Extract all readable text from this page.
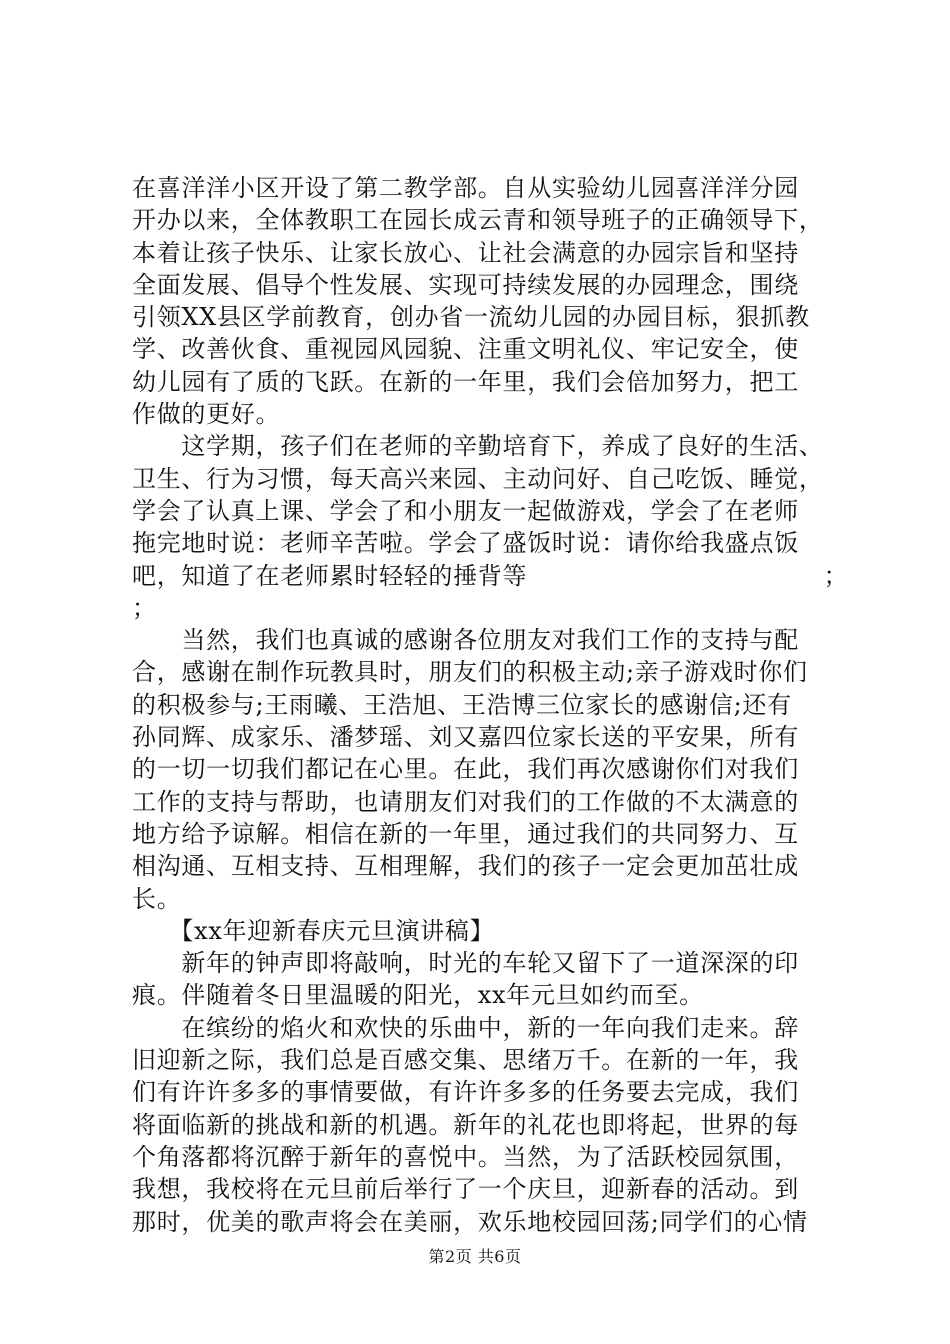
在喜洋洋小区开设了第二教学部。自从实验幼儿园喜洋洋分园
开办以来，全体教职工在园长成云青和领导班子的正确领导下，
本着让孩子快乐、让家长放心、让社会满意的办园宗旨和坚持
全面发展、倡导个性发展、实现可持续发展的办园理念，围绕
引领XX县区学前教育，创办省一流幼儿园的办园目标，狠抓教
学、改善伙食、重视园风园貌、注重文明礼仪、牢记安全，使
幼儿园有了质的飞跃。在新的一年里，我们会倍加努力，把工
作做的更好。
　　这学期，孩子们在老师的辛勤培育下，养成了良好的生活、
卫生、行为习惯，每天高兴来园、主动问好、自己吃饭、睡觉，
学会了认真上课、学会了和小朋友一起做游戏，学会了在老师
拖完地时说：老师辛苦啦。学会了盛饭时说：请你给我盛点饭
吧，知道了在老师累时轻轻的捶背等　　　　　　　　　　　　；
；
　　当然，我们也真诚的感谢各位朋友对我们工作的支持与配
合，感谢在制作玩教具时，朋友们的积极主动;亲子游戏时你们
的积极参与;王雨曦、王浩旭、王浩博三位家长的感谢信;还有
孙同辉、成家乐、潘梦瑶、刘又嘉四位家长送的平安果，所有
的一切一切我们都记在心里。在此，我们再次感谢你们对我们
工作的支持与帮助，也请朋友们对我们的工作做的不太满意的
地方给予谅解。相信在新的一年里，通过我们的共同努力、互
相沟通、互相支持、互相理解，我们的孩子一定会更加茁壮成
长。
　　【xx年迎新春庆元旦演讲稿】
　　新年的钟声即将敲响，时光的车轮又留下了一道深深的印
痕。伴随着冬日里温暖的阳光，xx年元旦如约而至。
　　在缤纷的焰火和欢快的乐曲中，新的一年向我们走来。辞
旧迎新之际，我们总是百感交集、思绪万千。在新的一年，我
们有许许多多的事情要做，有许许多多的任务要去完成，我们
将面临新的挑战和新的机遇。新年的礼花也即将起，世界的每
个角落都将沉醉于新年的喜悦中。当然，为了活跃校园氛围，
我想，我校将在元旦前后举行了一个庆旦，迎新春的活动。到
那时，优美的歌声将会在美丽，欢乐地校园回荡;同学们的心情
第2页 共6页
